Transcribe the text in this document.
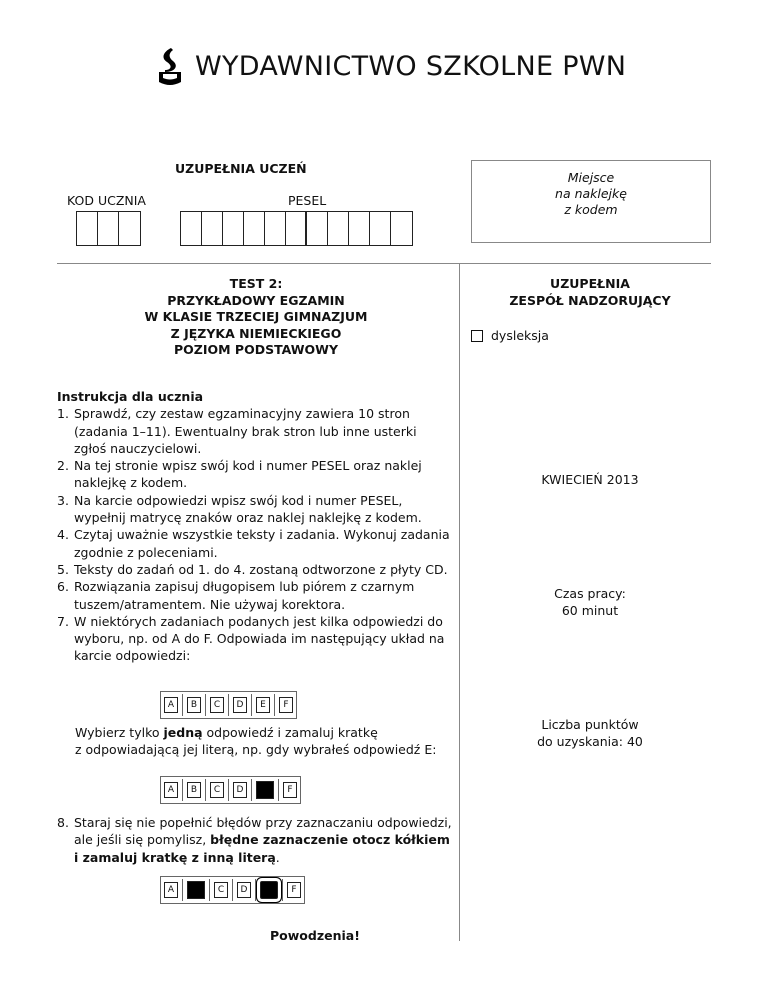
WYDAWNICTWO SZKOLNE PWN
UZUPEŁNIA UCZEŃ
KOD UCZNIA	PESEL
Miejsce
na naklejkę
z kodem
TEST 2:
PRZYKŁADOWY EGZAMIN
W KLASIE TRZECIEJ GIMNAZJUM
Z JĘZYKA NIEMIECKIEGO
POZIOM PODSTAWOWY
UZUPEŁNIA
ZESPÓŁ NADZORUJĄCY
dysleksja
KWIECIEŃ 2013
Czas pracy:
60 minut
Liczba punktów
do uzyskania: 40
Instrukcja dla ucznia
1. Sprawdź, czy zestaw egzaminacyjny zawiera 10 stron (zadania 1–11). Ewentualny brak stron lub inne usterki zgłoś nauczycielowi.
2. Na tej stronie wpisz swój kod i numer PESEL oraz naklej naklejkę z kodem.
3. Na karcie odpowiedzi wpisz swój kod i numer PESEL, wypełnij matrycę znaków oraz naklej naklejkę z kodem.
4. Czytaj uważnie wszystkie teksty i zadania. Wykonuj zadania zgodnie z poleceniami.
5. Teksty do zadań od 1. do 4. zostaną odtworzone z płyty CD.
6. Rozwiązania zapisuj długopisem lub piórem z czarnym tuszem/atramentem. Nie używaj korektora.
7. W niektórych zadaniach podanych jest kilka odpowiedzi do wyboru, np. od A do F. Odpowiada im następujący układ na karcie odpowiedzi:
A	B	C	D	E	F
Wybierz tylko jedną odpowiedź i zamaluj kratkę
z odpowiadającą jej literą, np. gdy wybrałeś odpowiedź E:
A	B	C	D	F
8. Staraj się nie popełnić błędów przy zaznaczaniu odpowiedzi, ale jeśli się pomylisz, błędne zaznaczenie otocz kółkiem i zamaluj kratkę z inną literą.
A	C	D	F
Powodzenia!
